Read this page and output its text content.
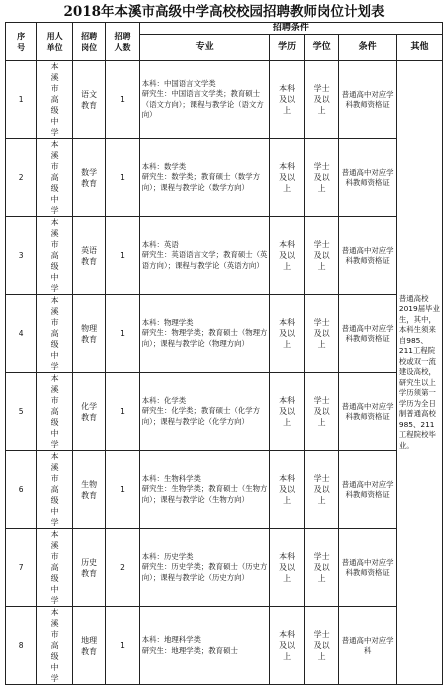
2018年本溪市高级中学高校校园招聘教师岗位计划表
序号	用人单位	招聘岗位	招聘人数	招聘条件				
				专业	学历	学位	条件	其他
1	本溪市高级中学	语文教育	1	本科：中国语言文学类
研究生：中国语言文学类；教育硕士（语文方向）；课程与教学论（语文方向）	本科及以上	学士及以上	普通高中对应学科教师资格证	普通高校2019届毕业生，其中，本科生须来自985、211工程院校或双一流建设高校，研究生以上学历须第一学历为全日制普通高校985、211工程院校毕业。
2	本溪市高级中学	数学教育	1	本科：数学类
研究生：数学类；教育硕士（数学方向）；课程与教学论（数学方向）	本科及以上	学士及以上	普通高中对应学科教师资格证	
3	本溪市高级中学	英语教育	1	本科：英语
研究生：英语语言文学；教育硕士（英语方向）；课程与教学论（英语方向）	本科及以上	学士及以上	普通高中对应学科教师资格证	
4	本溪市高级中学	物理教育	1	本科：物理学类
研究生：物理学类；教育硕士（物理方向）；课程与教学论（物理方向）	本科及以上	学士及以上	普通高中对应学科教师资格证	
5	本溪市高级中学	化学教育	1	本科：化学类
研究生：化学类；教育硕士（化学方向）；课程与教学论（化学方向）	本科及以上	学士及以上	普通高中对应学科教师资格证	
6	本溪市高级中学	生物教育	1	本科：生物科学类
研究生：生物学类；教育硕士（生物方向）；课程与教学论（生物方向）	本科及以上	学士及以上	普通高中对应学科教师资格证	
7	本溪市高级中学	历史教育	2	本科：历史学类
研究生：历史学类；教育硕士（历史方向）；课程与教学论（历史方向）	本科及以上	学士及以上	普通高中对应学科教师资格证	
8	本溪市高级中学	地理教育	1	本科：地理科学类
研究生：地理学类；教育硕士	本科及以上	学士及以上	普通高中对应学科	
